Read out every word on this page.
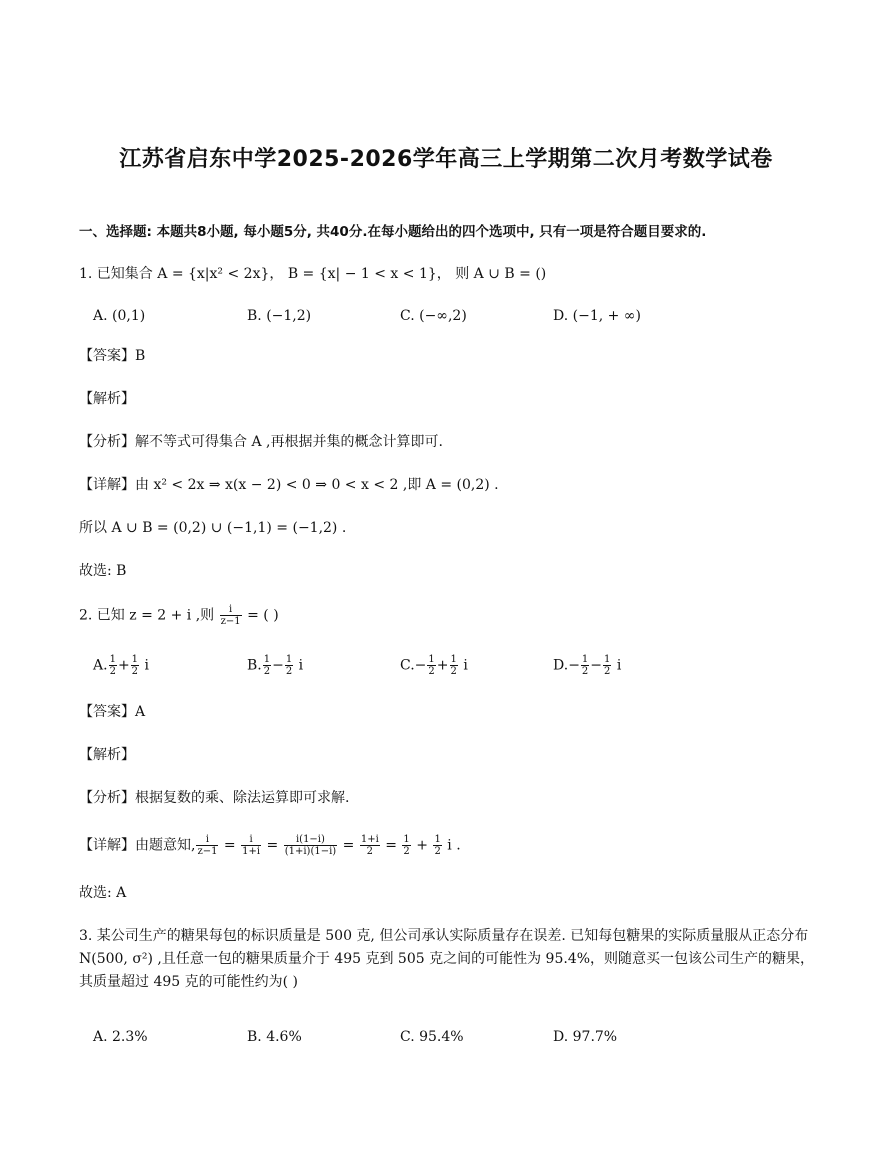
江苏省启东中学2025-2026学年高三上学期第二次月考数学试卷
一、选择题: 本题共8小题, 每小题5分, 共40分.在每小题给出的四个选项中, 只有一项是符合题目要求的.
1. 已知集合 A = {x|x² < 2x}， B = {x| − 1 < x < 1}， 则 A ∪ B = ()
A. (0,1)	B. (−1,2)	C. (−∞,2)	D. (−1, + ∞)
【答案】B
【解析】
【分析】解不等式可得集合 A ,再根据并集的概念计算即可.
【详解】由 x² < 2x ⇒ x(x − 2) < 0 ⇒ 0 < x < 2 ,即 A = (0,2) .
所以 A ∪ B = (0,2) ∪ (−1,1) = (−1,2) .
故选: B
2. 已知 z = 2 + i ,则 $\frac{i}{z-1}$ = ( )
A. $\frac{1}{2} + \frac{1}{2}$ i	B. $\frac{1}{2} - \frac{1}{2}$ i	$C.- \frac{1}{2} + \frac{1}{2}$ i	$D.- \frac{1}{2} - \frac{1}{2}$ i
【答案】A
【解析】
【分析】根据复数的乘、除法运算即可求解.
【详解】由题意知, $\frac{i}{z-1} = \frac{i}{1+i} = \frac{i(1-i)}{(1+i)(1-i)} = \frac{1+i}{2} = \frac{1}{2} + \frac{1}{2}$ i .
故选: A
3. 某公司生产的糖果每包的标识质量是 500 克, 但公司承认实际质量存在误差. 已知每包糖果的实际质量服从正态分布 N(500, σ²) ,且任意一包的糖果质量介于 495 克到 505 克之间的可能性为 95.4%，则随意买一包该公司生产的糖果，其质量超过 495 克的可能性约为( )
A. 2.3%	B. 4.6%	C. 95.4%	D. 97.7%
